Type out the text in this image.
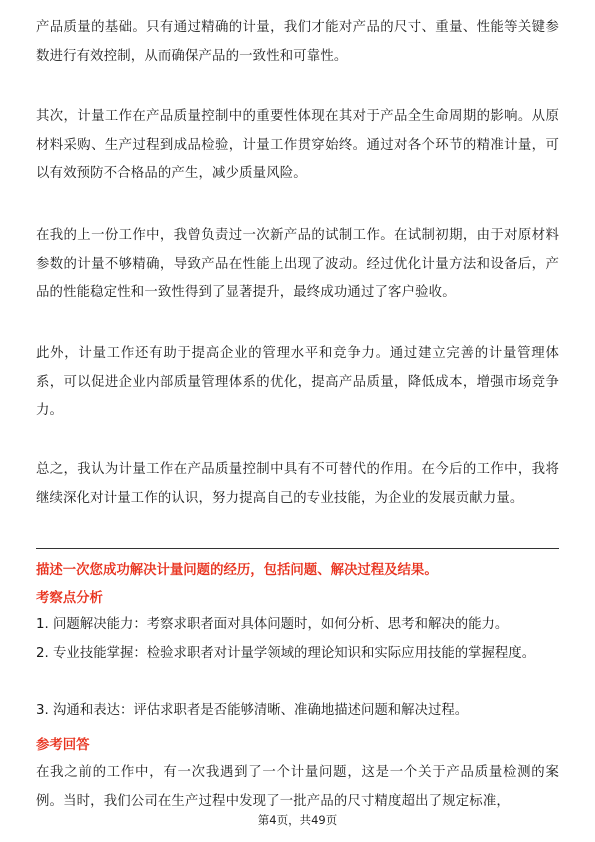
产品质量的基础。只有通过精确的计量，我们才能对产品的尺寸、重量、性能等关键参数进行有效控制，从而确保产品的一致性和可靠性。

其次，计量工作在产品质量控制中的重要性体现在其对于产品全生命周期的影响。从原材料采购、生产过程到成品检验，计量工作贯穿始终。通过对各个环节的精准计量，可以有效预防不合格品的产生，减少质量风险。

在我的上一份工作中，我曾负责过一次新产品的试制工作。在试制初期，由于对原材料参数的计量不够精确，导致产品在性能上出现了波动。经过优化计量方法和设备后，产品的性能稳定性和一致性得到了显著提升，最终成功通过了客户验收。

此外，计量工作还有助于提高企业的管理水平和竞争力。通过建立完善的计量管理体系，可以促进企业内部质量管理体系的优化，提高产品质量，降低成本，增强市场竞争力。

总之，我认为计量工作在产品质量控制中具有不可替代的作用。在今后的工作中，我将继续深化对计量工作的认识，努力提高自己的专业技能，为企业的发展贡献力量。

描述一次您成功解决计量问题的经历，包括问题、解决过程及结果。

考察点分析

1. 问题解决能力：考察求职者面对具体问题时，如何分析、思考和解决的能力。

2. 专业技能掌握：检验求职者对计量学领域的理论知识和实际应用技能的掌握程度。

3. 沟通和表达：评估求职者是否能够清晰、准确地描述问题和解决过程。

参考回答

在我之前的工作中，有一次我遇到了一个计量问题，这是一个关于产品质量检测的案例。当时，我们公司在生产过程中发现了一批产品的尺寸精度超出了规定标准，

第4页，共49页
